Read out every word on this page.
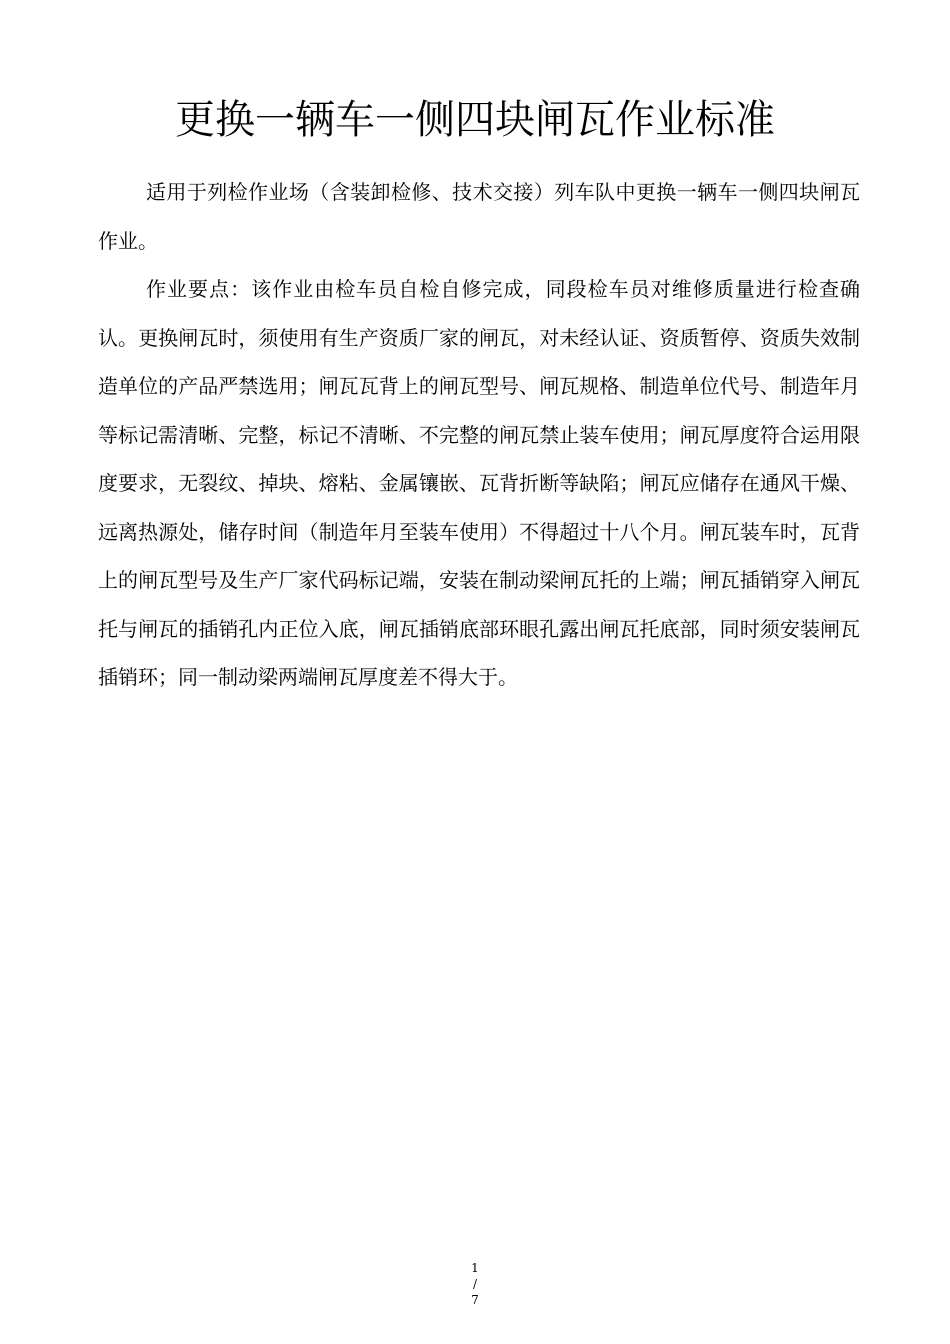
更换一辆车一侧四块闸瓦作业标准

适用于列检作业场（含装卸检修、技术交接）列车队中更换一辆车一侧四块闸瓦作业。

作业要点：该作业由检车员自检自修完成，同段检车员对维修质量进行检查确认。更换闸瓦时，须使用有生产资质厂家的闸瓦，对未经认证、资质暂停、资质失效制造单位的产品严禁选用；闸瓦瓦背上的闸瓦型号、闸瓦规格、制造单位代号、制造年月等标记需清晰、完整，标记不清晰、不完整的闸瓦禁止装车使用；闸瓦厚度符合运用限度要求，无裂纹、掉块、熔粘、金属镶嵌、瓦背折断等缺陷；闸瓦应储存在通风干燥、远离热源处，储存时间（制造年月至装车使用）不得超过十八个月。闸瓦装车时，瓦背上的闸瓦型号及生产厂家代码标记端，安装在制动梁闸瓦托的上端；闸瓦插销穿入闸瓦托与闸瓦的插销孔内正位入底，闸瓦插销底部环眼孔露出闸瓦托底部，同时须安装闸瓦插销环；同一制动梁两端闸瓦厚度差不得大于。

1
/
7
